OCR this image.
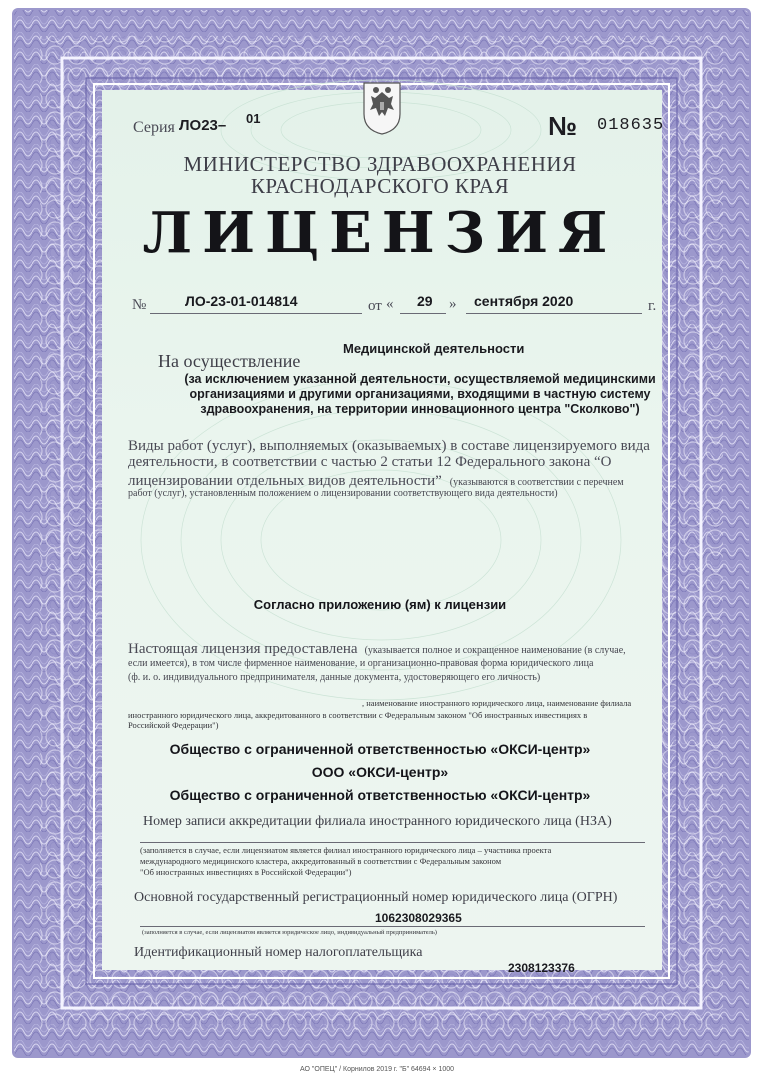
Серия ЛО23– 01	№ 018635
МИНИСТЕРСТВО ЗДРАВООХРАНЕНИЯ
КРАСНОДАРСКОГО КРАЯ
ЛИЦЕНЗИЯ
№	ЛО-23-01-014814	от « 29 » сентября 2020	г.
Медицинской деятельности
На осуществление
(за исключением указанной деятельности, осуществляемой медицинскими
организациями и другими организациями, входящими в частную систему
здравоохранения, на территории инновационного центра "Сколково")
Виды работ (услуг), выполняемых (оказываемых) в составе лицензируемого вида
деятельности, в соответствии с частью 2 статьи 12 Федерального закона “О
лицензировании отдельных видов деятельности” (указываются в соответствии с перечнем
работ (услуг), установленным положением о лицензировании соответствующего вида деятельности)
Согласно приложению (ям) к лицензии
Настоящая лицензия предоставлена (указывается полное и сокращенное наименование (в случае,
если имеется), в том числе фирменное наименование, и организационно-правовая форма юридического лица
(ф. и. о. индивидуального предпринимателя, данные документа, удостоверяющего его личность)
, наименование иностранного юридического лица, наименование филиала
иностранного юридического лица, аккредитованного в соответствии с Федеральным законом "Об иностранных инвестициях в
Российской Федерации")
Общество с ограниченной ответственностью «ОКСИ-центр»
ООО «ОКСИ-центр»
Общество с ограниченной ответственностью «ОКСИ-центр»
Номер записи аккредитации филиала иностранного юридического лица (НЗА)
(заполняется в случае, если лицензиатом является филиал иностранного юридического лица – участника проекта
международного медицинского кластера, аккредитованный в соответствии с Федеральным законом
"Об иностранных инвестициях в Российской Федерации")
Основной государственный регистрационный номер юридического лица (ОГРН)
1062308029365
(заполняется в случае, если лицензиатом является юридическое лицо, индивидуальный предприниматель)
Идентификационный номер налогоплательщика
2308123376
АО "ОПЕЦ" / Корнилов 2019 г. "Б" 64694 × 1000
